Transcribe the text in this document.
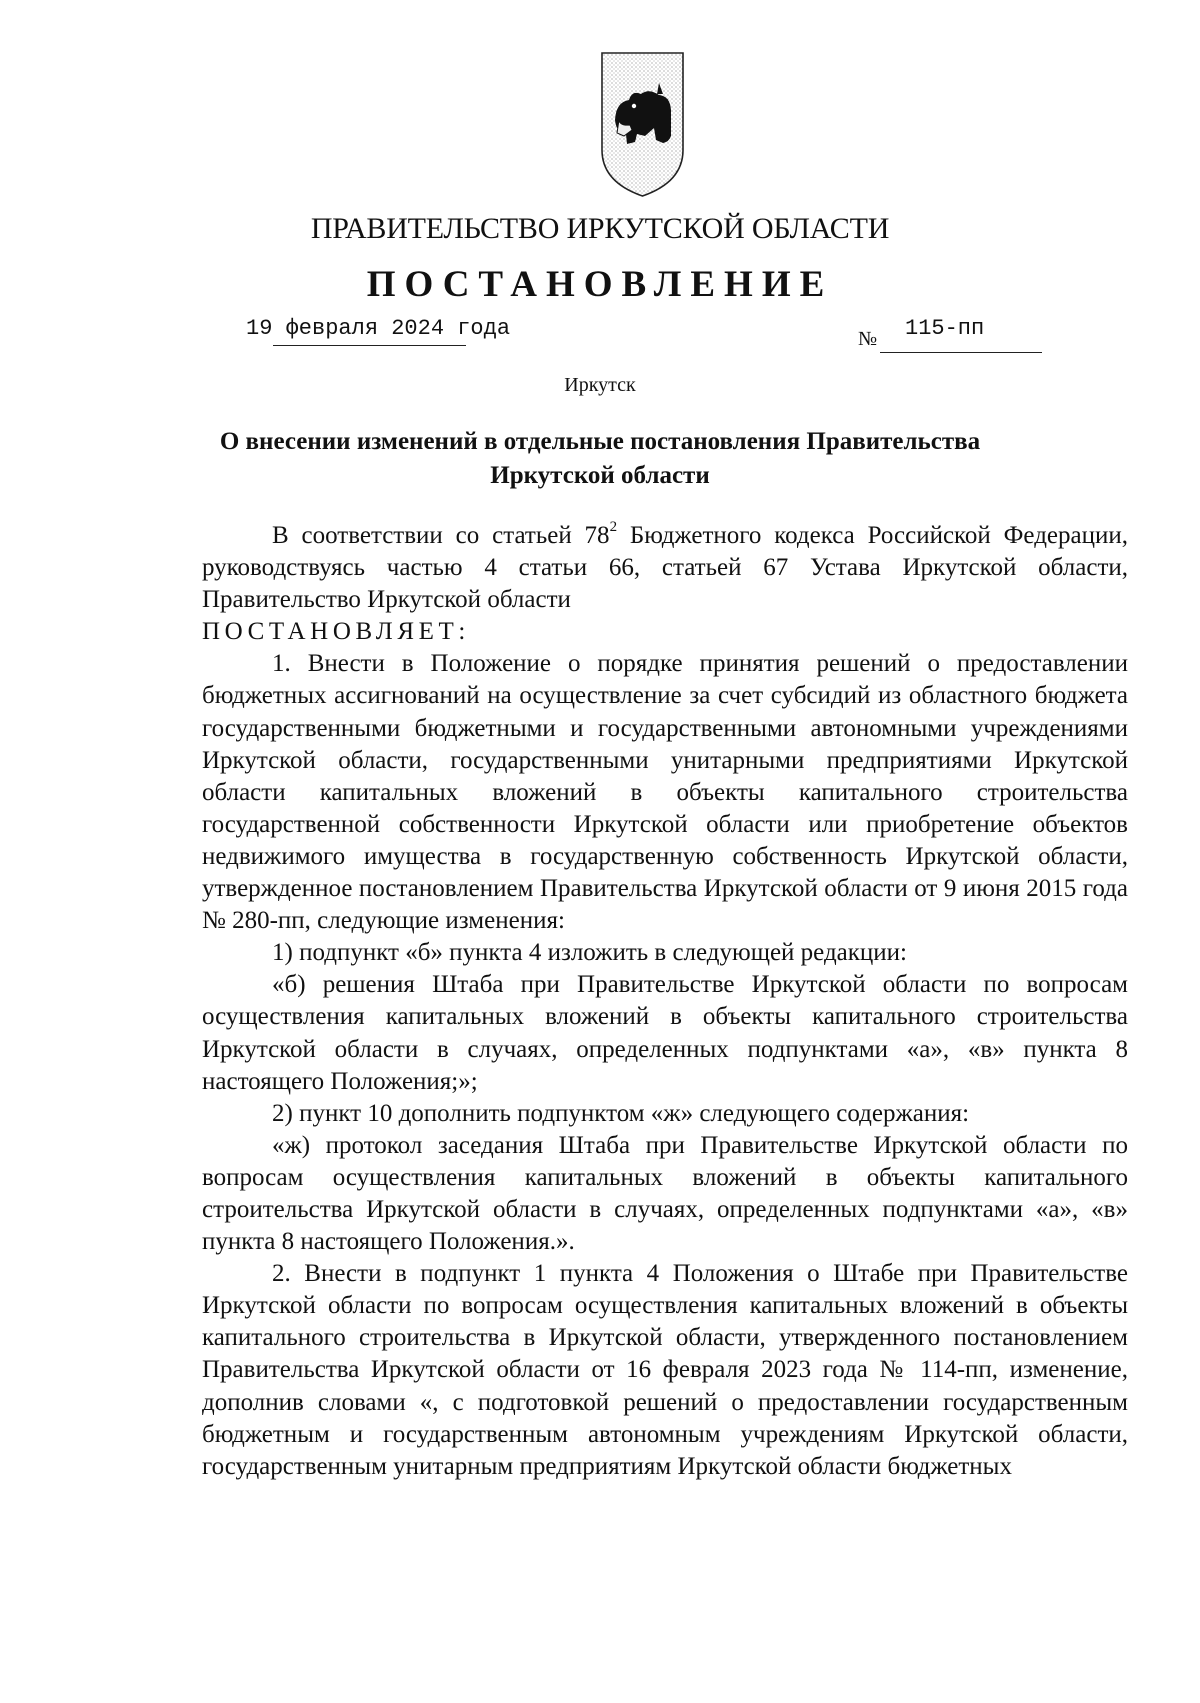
ПРАВИТЕЛЬСТВО ИРКУТСКОЙ ОБЛАСТИ
ПОСТАНОВЛЕНИЕ
19 февраля 2024 года	№ 115-пп
Иркутск
О внесении изменений в отдельные постановления Правительства Иркутской области

В соответствии со статьей $78^2$ Бюджетного кодекса Российской Федерации, руководствуясь частью 4 статьи 66, статьей 67 Устава Иркутской области, Правительство Иркутской области

ПОСТАНОВЛЯЕТ:

1. Внести в Положение о порядке принятия решений о предоставлении бюджетных ассигнований на осуществление за счет субсидий из областного бюджета государственными бюджетными и государственными автономными учреждениями Иркутской области, государственными унитарными предприятиями Иркутской области капитальных вложений в объекты капитального строительства государственной собственности Иркутской области или приобретение объектов недвижимого имущества в государственную собственность Иркутской области, утвержденное постановлением Правительства Иркутской области от 9 июня 2015 года № 280-пп, следующие изменения:

1) подпункт «б» пункта 4 изложить в следующей редакции:

«б) решения Штаба при Правительстве Иркутской области по вопросам осуществления капитальных вложений в объекты капитального строительства Иркутской области в случаях, определенных подпунктами «а», «в» пункта 8 настоящего Положения;»;

2) пункт 10 дополнить подпунктом «ж» следующего содержания:

«ж) протокол заседания Штаба при Правительстве Иркутской области по вопросам осуществления капитальных вложений в объекты капитального строительства Иркутской области в случаях, определенных подпунктами «а», «в» пункта 8 настоящего Положения.».

2. Внести в подпункт 1 пункта 4 Положения о Штабе при Правительстве Иркутской области по вопросам осуществления капитальных вложений в объекты капитального строительства в Иркутской области, утвержденного постановлением Правительства Иркутской области от 16 февраля 2023 года № 114-пп, изменение, дополнив словами «, с подготовкой решений о предоставлении государственным бюджетным и государственным автономным учреждениям Иркутской области, государственным унитарным предприятиям Иркутской области бюджетных
